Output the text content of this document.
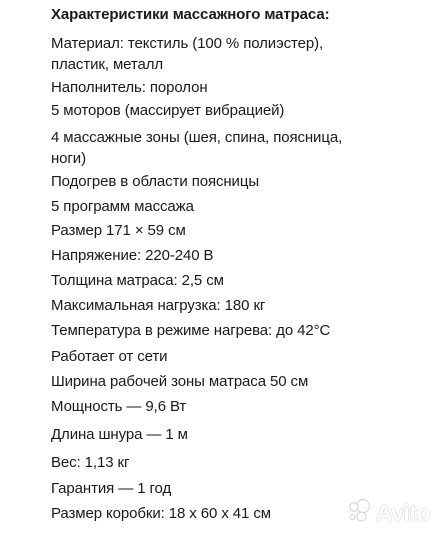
Характеристики массажного матраса:
Материал: текстиль (100 % полиэстер),
пластик, металл
Наполнитель: поролон
5 моторов (массирует вибрацией)
4 массажные зоны (шея, спина, поясница,
ноги)
Подогрев в области поясницы
5 программ массажа
Размер 171 × 59 см
Напряжение: 220-240 В
Толщина матраса: 2,5 см
Максимальная нагрузка: 180 кг
Температура в режиме нагрева: до 42°С
Работает от сети
Ширина рабочей зоны матраса 50 см
Мощность — 9,6 Вт
Длина шнура — 1 м
Вес: 1,13 кг
Гарантия — 1 год
Размер коробки: 18 х 60 х 41 см	Avito
